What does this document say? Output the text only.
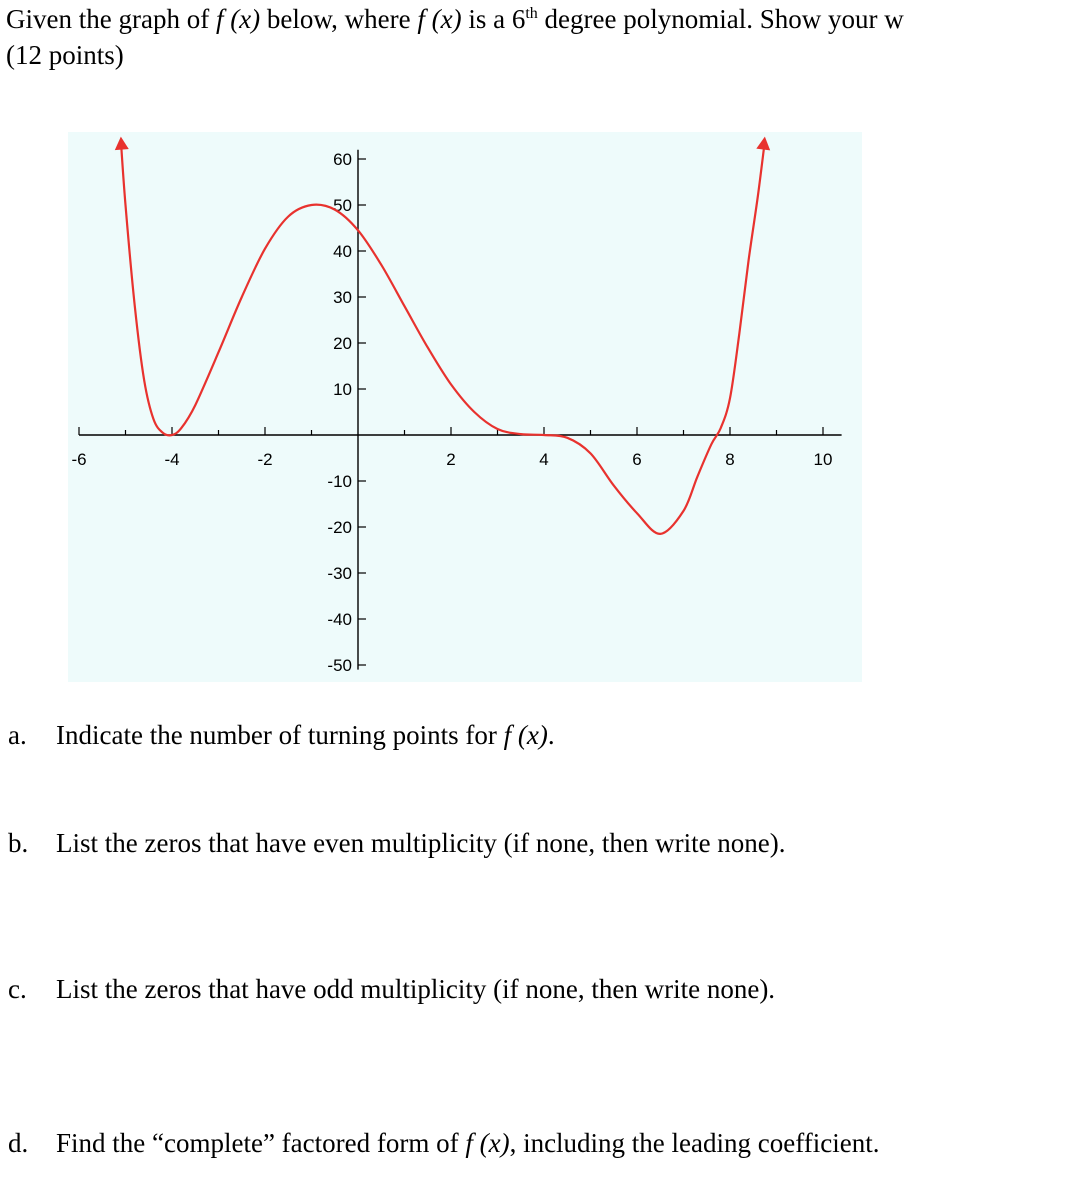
Given the graph of f (x) below, where f (x) is a 6th degree polynomial. Show your w
(12 points)
-6	-4	-2	2	4	6	8	10
60
50
40
30
20
10
-10
-20
-30
-40
-50
a. Indicate the number of turning points for f (x).
b. List the zeros that have even multiplicity (if none, then write none).
c. List the zeros that have odd multiplicity (if none, then write none).
d. Find the “complete” factored form of f (x), including the leading coefficient.
